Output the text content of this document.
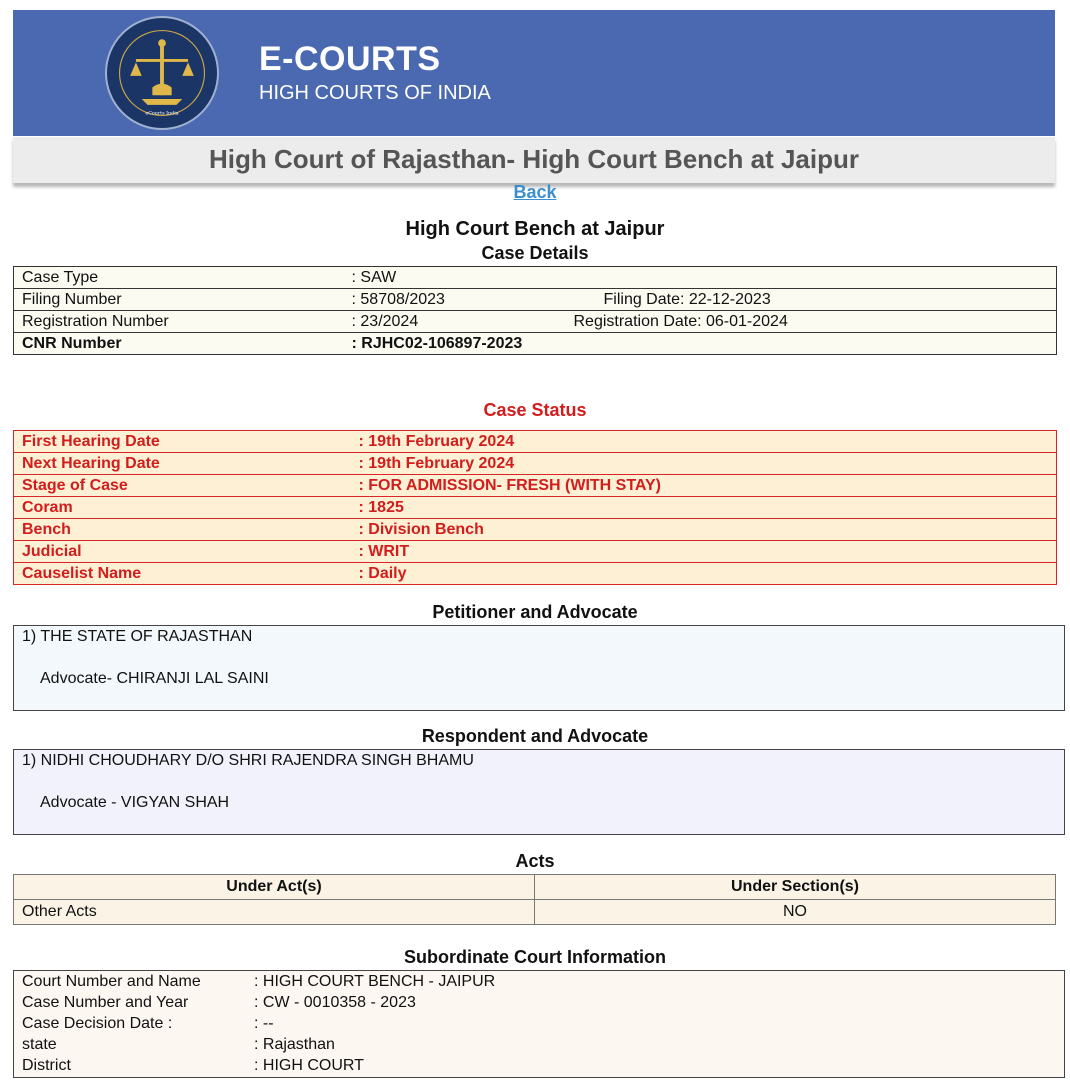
eCourts India
E-COURTS
HIGH COURTS OF INDIA
High Court of Rajasthan- High Court Bench at Jaipur
Back
High Court Bench at Jaipur
Case Details
Case Type	: SAW	
Filing Number	: 58708/2023	Filing Date: 22-12-2023
Registration Number	: 23/2024	Registration Date: 06-01-2024
CNR Number	: RJHC02-106897-2023	
Case Status
First Hearing Date	: 19th February 2024
Next Hearing Date	: 19th February 2024
Stage of Case	: FOR ADMISSION- FRESH (WITH STAY)
Coram	: 1825
Bench	: Division Bench
Judicial	: WRIT
Causelist Name	: Daily
Petitioner and Advocate
1) THE STATE OF RAJASTHAN
Advocate- CHIRANJI LAL SAINI
Respondent and Advocate
1) NIDHI CHOUDHARY D/O SHRI RAJENDRA SINGH BHAMU
Advocate - VIGYAN SHAH
Acts
Under Act(s)	Under Section(s)
Other Acts	NO
Subordinate Court Information
Court Number and Name	: HIGH COURT BENCH - JAIPUR
Case Number and Year	: CW - 0010358 - 2023
Case Decision Date :	: --
state	: Rajasthan
District	: HIGH COURT
